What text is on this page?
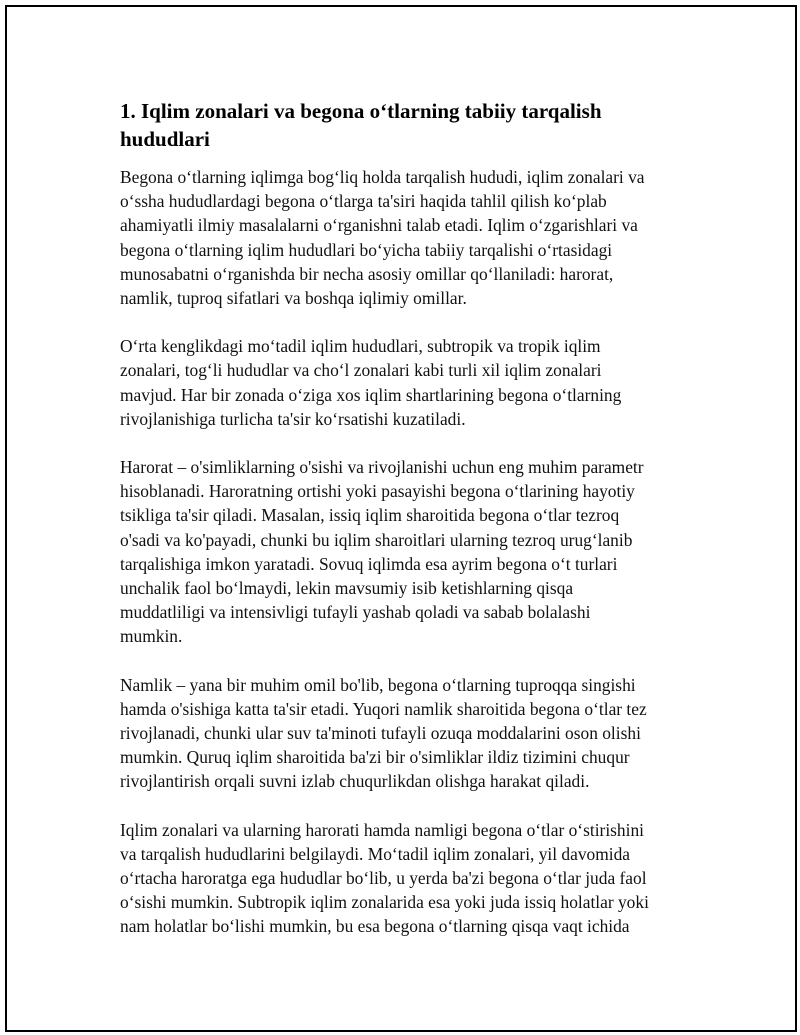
1. Iqlim zonalari va begona o‘tlarning tabiiy tarqalish
hududlari

Begona o‘tlarning iqlimga bog‘liq holda tarqalish hududi, iqlim zonalari va
o‘ssha hududlardagi begona o‘tlarga ta'siri haqida tahlil qilish ko‘plab
ahamiyatli ilmiy masalalarni o‘rganishni talab etadi. Iqlim o‘zgarishlari va
begona o‘tlarning iqlim hududlari bo‘yicha tabiiy tarqalishi o‘rtasidagi
munosabatni o‘rganishda bir necha asosiy omillar qo‘llaniladi: harorat,
namlik, tuproq sifatlari va boshqa iqlimiy omillar.

O‘rta kenglikdagi mo‘tadil iqlim hududlari, subtropik va tropik iqlim
zonalari, tog‘li hududlar va cho‘l zonalari kabi turli xil iqlim zonalari
mavjud. Har bir zonada o‘ziga xos iqlim shartlarining begona o‘tlarning
rivojlanishiga turlicha ta'sir ko‘rsatishi kuzatiladi.

Harorat – o'simliklarning o'sishi va rivojlanishi uchun eng muhim parametr
hisoblanadi. Haroratning ortishi yoki pasayishi begona o‘tlarining hayotiy
tsikliga ta'sir qiladi. Masalan, issiq iqlim sharoitida begona o‘tlar tezroq
o'sadi va ko'payadi, chunki bu iqlim sharoitlari ularning tezroq urug‘lanib
tarqalishiga imkon yaratadi. Sovuq iqlimda esa ayrim begona o‘t turlari
unchalik faol bo‘lmaydi, lekin mavsumiy isib ketishlarning qisqa
muddatliligi va intensivligi tufayli yashab qoladi va sabab bolalashi
mumkin.

Namlik – yana bir muhim omil bo'lib, begona o‘tlarning tuproqqa singishi
hamda o'sishiga katta ta'sir etadi. Yuqori namlik sharoitida begona o‘tlar tez
rivojlanadi, chunki ular suv ta'minoti tufayli ozuqa moddalarini oson olishi
mumkin. Quruq iqlim sharoitida ba'zi bir o'simliklar ildiz tizimini chuqur
rivojlantirish orqali suvni izlab chuqurlikdan olishga harakat qiladi.

Iqlim zonalari va ularning harorati hamda namligi begona o‘tlar o‘stirishini
va tarqalish hududlarini belgilaydi. Mo‘tadil iqlim zonalari, yil davomida
o‘rtacha haroratga ega hududlar bo‘lib, u yerda ba'zi begona o‘tlar juda faol
o‘sishi mumkin. Subtropik iqlim zonalarida esa yoki juda issiq holatlar yoki
nam holatlar bo‘lishi mumkin, bu esa begona o‘tlarning qisqa vaqt ichida
